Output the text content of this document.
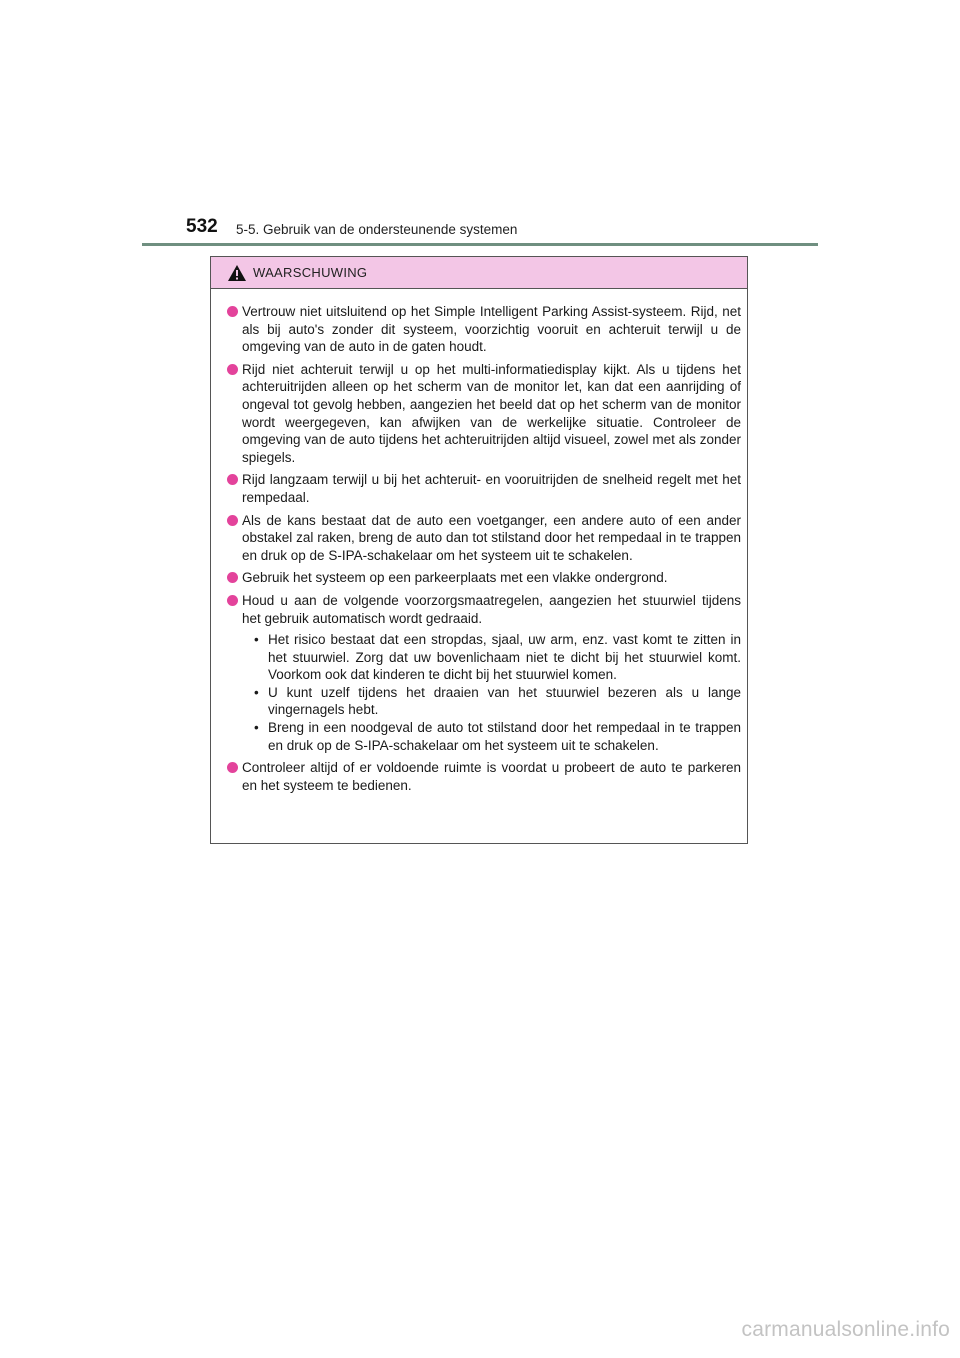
532 5-5. Gebruik van de ondersteunende systemen
WAARSCHUWING
Vertrouw niet uitsluitend op het Simple Intelligent Parking Assist-systeem. Rijd, net als bij auto's zonder dit systeem, voorzichtig vooruit en achteruit terwijl u de omgeving van de auto in de gaten houdt.
Rijd niet achteruit terwijl u op het multi-informatiedisplay kijkt. Als u tijdens het achteruitrijden alleen op het scherm van de monitor let, kan dat een aanrijding of ongeval tot gevolg hebben, aangezien het beeld dat op het scherm van de monitor wordt weergegeven, kan afwijken van de werkelijke situatie. Controleer de omgeving van de auto tijdens het achteruitrijden altijd visueel, zowel met als zonder spiegels.
Rijd langzaam terwijl u bij het achteruit- en vooruitrijden de snelheid regelt met het rempedaal.
Als de kans bestaat dat de auto een voetganger, een andere auto of een ander obstakel zal raken, breng de auto dan tot stilstand door het rempedaal in te trappen en druk op de S-IPA-schakelaar om het systeem uit te schakelen.
Gebruik het systeem op een parkeerplaats met een vlakke ondergrond.
Houd u aan de volgende voorzorgsmaatregelen, aangezien het stuurwiel tijdens het gebruik automatisch wordt gedraaid.
• Het risico bestaat dat een stropdas, sjaal, uw arm, enz. vast komt te zitten in het stuurwiel. Zorg dat uw bovenlichaam niet te dicht bij het stuurwiel komt. Voorkom ook dat kinderen te dicht bij het stuurwiel komen.
• U kunt uzelf tijdens het draaien van het stuurwiel bezeren als u lange vingernagels hebt.
• Breng in een noodgeval de auto tot stilstand door het rempedaal in te trappen en druk op de S-IPA-schakelaar om het systeem uit te schakelen.
Controleer altijd of er voldoende ruimte is voordat u probeert de auto te parkeren en het systeem te bedienen.
carmanualsonline.info
